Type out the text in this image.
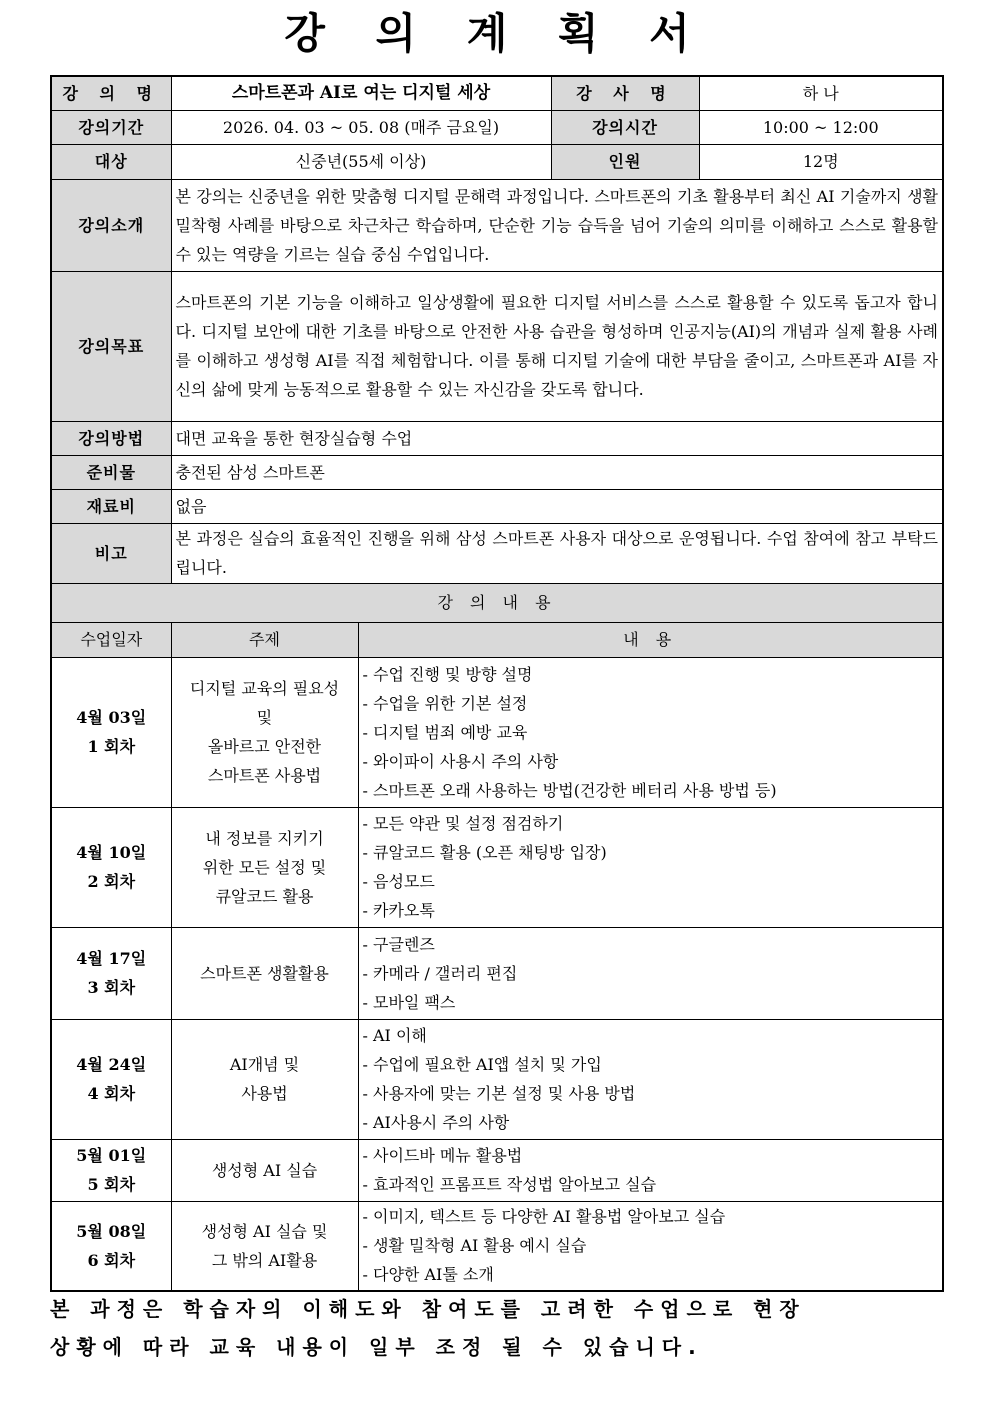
강 의 계 획 서
강 의 명	스마트폰과 AI로 여는 디지털 세상		강 사 명	하 나
강의기간	2026. 04. 03 ~ 05. 08 (매주 금요일)		강의시간	10:00 ~ 12:00
대상	신중년(55세 이상)		인원	12명
강의소개	본 강의는 신중년을 위한 맞춤형 디지털 문해력 과정입니다. 스마트폰의 기초 활용부터 최신 AI 기술까지 생활 밀착형 사례를 바탕으로 차근차근 학습하며, 단순한 기능 습득을 넘어 기술의 의미를 이해하고 스스로 활용할 수 있는 역량을 기르는 실습 중심 수업입니다.			
강의목표	스마트폰의 기본 기능을 이해하고 일상생활에 필요한 디지털 서비스를 스스로 활용할 수 있도록 돕고자 합니다. 디지털 보안에 대한 기초를 바탕으로 안전한 사용 습관을 형성하며 인공지능(AI)의 개념과 실제 활용 사례를 이해하고 생성형 AI를 직접 체험합니다. 이를 통해 디지털 기술에 대한 부담을 줄이고, 스마트폰과 AI를 자신의 삶에 맞게 능동적으로 활용할 수 있는 자신감을 갖도록 합니다.			
강의방법	대면 교육을 통한 현장실습형 수업			
준비물	충전된 삼성 스마트폰			
재료비	없음			
비고	본 과정은 실습의 효율적인 진행을 위해 삼성 스마트폰 사용자 대상으로 운영됩니다. 수업 참여에 참고 부탁드립니다.			
강 의 내 용				
수업일자	주제	내 용		

4월 03일
1 회차	디지털 교육의 필요성
및
올바르고 안전한
스마트폰 사용법	- 수업 진행 및 방향 설명
- 수업을 위한 기본 설정
- 디지털 범죄 예방 교육
- 와이파이 사용시 주의 사항
- 스마트폰 오래 사용하는 방법(건강한 베터리 사용 방법 등)		

4월 10일
2 회차	내 정보를 지키기
위한 모든 설정 및
큐알코드 활용	- 모든 약관 및 설정 점검하기
- 큐알코드 활용 (오픈 채팅방 입장)
- 음성모드
- 카카오톡		

4월 17일
3 회차	스마트폰 생활활용	- 구글렌즈
- 카메라 / 갤러리 편집
- 모바일 팩스		

4월 24일
4 회차	AI개념 및
사용법	- AI 이해
- 수업에 필요한 AI앱 설치 및 가입
- 사용자에 맞는 기본 설정 및 사용 방법
- AI사용시 주의 사항		

5월 01일
5 회차	생성형 AI 실습	- 사이드바 메뉴 활용법
- 효과적인 프롬프트 작성법 알아보고 실습		

5월 08일
6 회차	생성형 AI 실습 및
그 밖의 AI활용	- 이미지, 텍스트 등 다양한 AI 활용법 알아보고 실습
- 생활 밀착형 AI 활용 예시 실습
- 다양한 AI툴 소개		
본 과정은 학습자의 이해도와 참여도를 고려한 수업으로 현장
상황에 따라 교육 내용이 일부 조정 될 수 있습니다.
